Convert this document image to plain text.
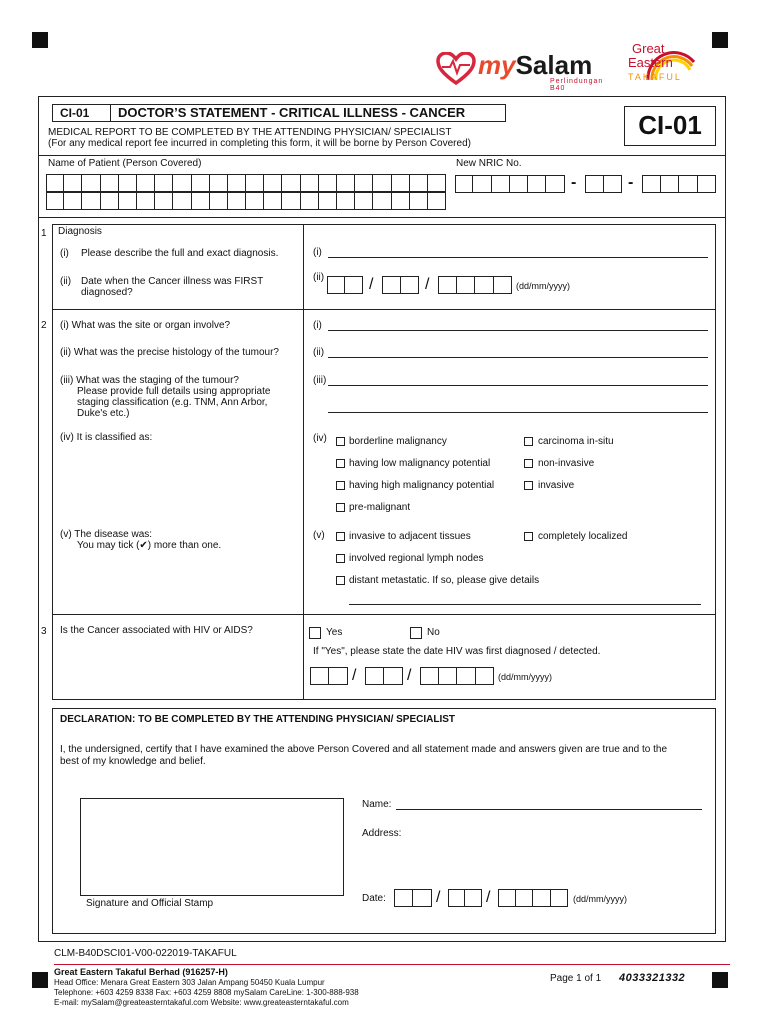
mySalam
Perlindungan B40
Great
Eastern
TAKAFUL
CI-01 DOCTOR’S STATEMENT - CRITICAL ILLNESS - CANCER	CI-01
MEDICAL REPORT TO BE COMPLETED BY THE ATTENDING PHYSICIAN/ SPECIALIST
(For any medical report fee incurred in completing this form, it will be borne by Person Covered)
Name of Patient (Person Covered)	New NRIC No.
-	-
1 Diagnosis
(i) Please describe the full and exact diagnosis.
(ii) Date when the Cancer illness was FIRST
diagnosed?
(i)
(ii)	/	/	(dd/mm/yyyy)
2 (i) What was the site or organ involve?
(ii) What was the precise histology of the tumour?
(iii) What was the staging of the tumour?
Please provide full details using appropriate
staging classification (e.g. TNM, Ann Arbor,
Duke's etc.)
(iv) It is classified as:
(v) The disease was:
You may tick (✔) more than one.
(i)
(ii)
(iii)
(iv) borderline malignancy	carcinoma in-situ
having low malignancy potential	non-invasive
having high malignancy potential	invasive
pre-malignant
(v) invasive to adjacent tissues	completely localized
involved regional lymph nodes
distant metastatic. If so, please give details
3 Is the Cancer associated with HIV or AIDS?	Yes	No
If "Yes", please state the date HIV was first diagnosed / detected.
/	/	(dd/mm/yyyy)
DECLARATION: TO BE COMPLETED BY THE ATTENDING PHYSICIAN/ SPECIALIST
I, the undersigned, certify that I have examined the above Person Covered and all statement made and answers given are true and to the
best of my knowledge and belief.
Signature and Official Stamp
Name:
Address:
Date:	/	/	(dd/mm/yyyy)
CLM-B40DSCI01-V00-022019-TAKAFUL
Great Eastern Takaful Berhad (916257-H)
Head Office: Menara Great Eastern 303 Jalan Ampang 50450 Kuala Lumpur
Telephone: +603 4259 8338 Fax: +603 4259 8808 mySalam CareLine: 1-300-888-938
E-mail: mySalam@greateasterntakaful.com Website: www.greateasterntakaful.com
Page 1 of 1 4033321332
